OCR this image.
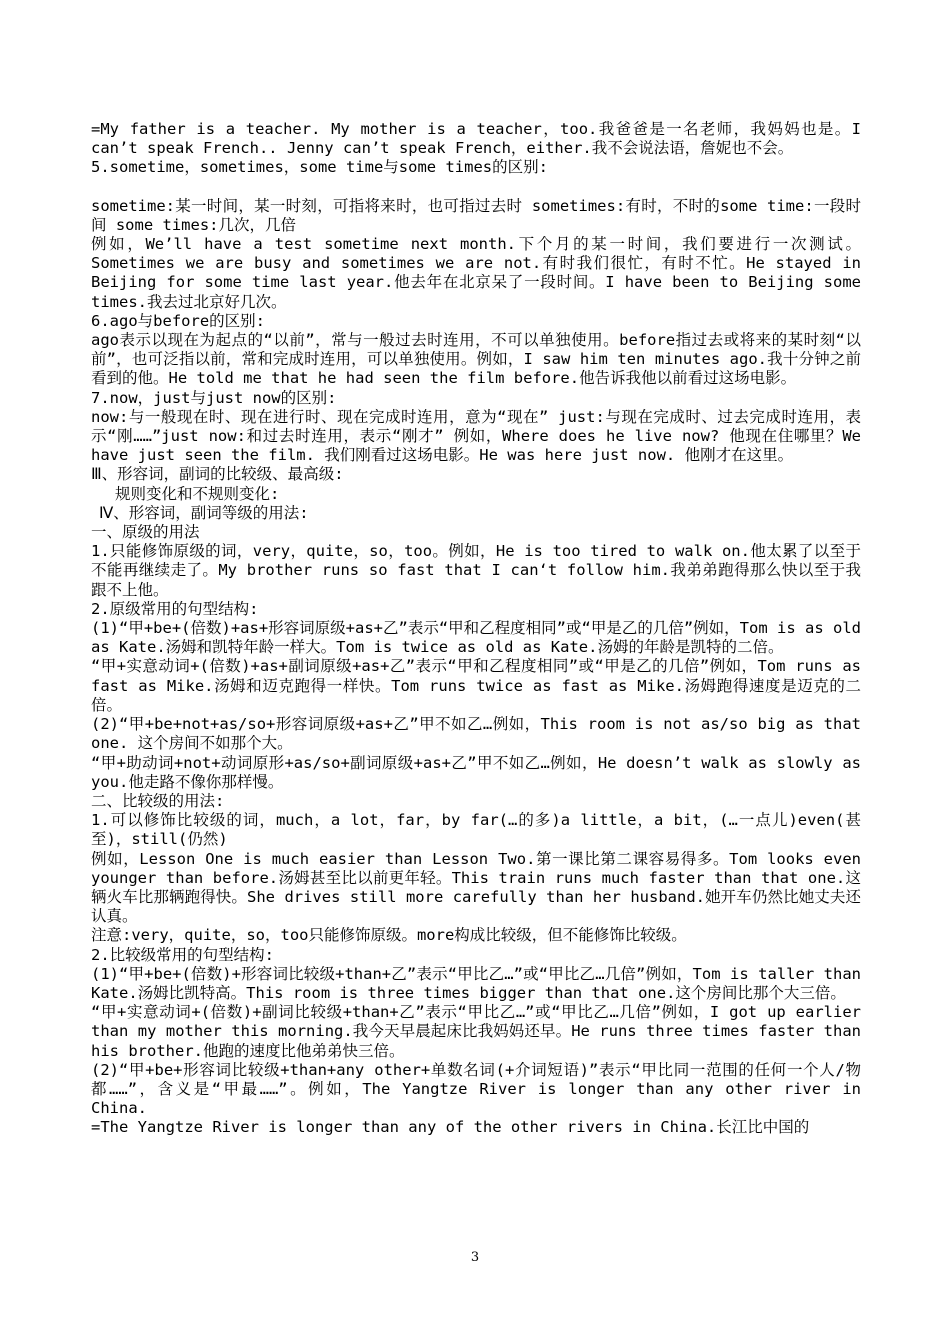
=My father is a teacher. My mother is a teacher，too.我爸爸是一名老师，我妈妈也是。I can’t speak French.. Jenny can’t speak French，either.我不会说法语，詹妮也不会。

5.sometime，sometimes，some time与some times的区别:

sometime:某一时间，某一时刻，可指将来时，也可指过去时 sometimes:有时，不时的some time:一段时间 some times:几次，几倍

例如，We’ll have a test sometime next month.下个月的某一时间，我们要进行一次测试。Sometimes we are busy and sometimes we are not.有时我们很忙，有时不忙。He stayed in Beijing for some time last year.他去年在北京呆了一段时间。I have been to Beijing some times.我去过北京好几次。

6.ago与before的区别:

ago表示以现在为起点的“以前”，常与一般过去时连用，不可以单独使用。before指过去或将来的某时刻“以前”，也可泛指以前，常和完成时连用，可以单独使用。例如，I saw him ten minutes ago.我十分钟之前看到的他。He told me that he had seen the film before.他告诉我他以前看过这场电影。

7.now，just与just now的区别:

now:与一般现在时、现在进行时、现在完成时连用，意为“现在” just:与现在完成时、过去完成时连用，表示“刚……”just now:和过去时连用，表示“刚才” 例如，Where does he live now? 他现在住哪里？We have just seen the film. 我们刚看过这场电影。He was here just now. 他刚才在这里。

Ⅲ、形容词，副词的比较级、最高级:

规则变化和不规则变化:

Ⅳ、形容词，副词等级的用法:

一、原级的用法

1.只能修饰原级的词，very，quite，so，too。例如，He is too tired to walk on.他太累了以至于不能再继续走了。My brother runs so fast that I can‘t follow him.我弟弟跑得那么快以至于我跟不上他。

2.原级常用的句型结构:

(1)“甲+be+(倍数)+as+形容词原级+as+乙”表示“甲和乙程度相同”或“甲是乙的几倍”例如，Tom is as old as Kate.汤姆和凯特年龄一样大。Tom is twice as old as Kate.汤姆的年龄是凯特的二倍。

“甲+实意动词+(倍数)+as+副词原级+as+乙”表示“甲和乙程度相同”或“甲是乙的几倍”例如，Tom runs as fast as Mike.汤姆和迈克跑得一样快。Tom runs twice as fast as Mike.汤姆跑得速度是迈克的二倍。

(2)“甲+be+not+as/so+形容词原级+as+乙”甲不如乙…例如，This room is not as/so big as that one. 这个房间不如那个大。

“甲+助动词+not+动词原形+as/so+副词原级+as+乙”甲不如乙…例如，He doesn’t walk as slowly as you.他走路不像你那样慢。

二、比较级的用法:

1.可以修饰比较级的词，much，a lot，far，by far(…的多)a little，a bit，(…一点儿)even(甚至)，still(仍然)

例如，Lesson One is much easier than Lesson Two.第一课比第二课容易得多。Tom looks even younger than before.汤姆甚至比以前更年轻。This train runs much faster than that one.这辆火车比那辆跑得快。She drives still more carefully than her husband.她开车仍然比她丈夫还认真。

注意:very，quite，so，too只能修饰原级。more构成比较级，但不能修饰比较级。

2.比较级常用的句型结构:

(1)“甲+be+(倍数)+形容词比较级+than+乙”表示“甲比乙…”或“甲比乙…几倍”例如，Tom is taller than Kate.汤姆比凯特高。This room is three times bigger than that one.这个房间比那个大三倍。

“甲+实意动词+(倍数)+副词比较级+than+乙”表示“甲比乙…”或“甲比乙…几倍”例如，I got up earlier than my mother this morning.我今天早晨起床比我妈妈还早。He runs three times faster than his brother.他跑的速度比他弟弟快三倍。

(2)“甲+be+形容词比较级+than+any other+单数名词(+介词短语)”表示“甲比同一范围的任何一个人/物都……”，含义是“甲最……”。例如，The Yangtze River is longer than any other river in China.

=The Yangtze River is longer than any of the other rivers in China.长江比中国的

3
